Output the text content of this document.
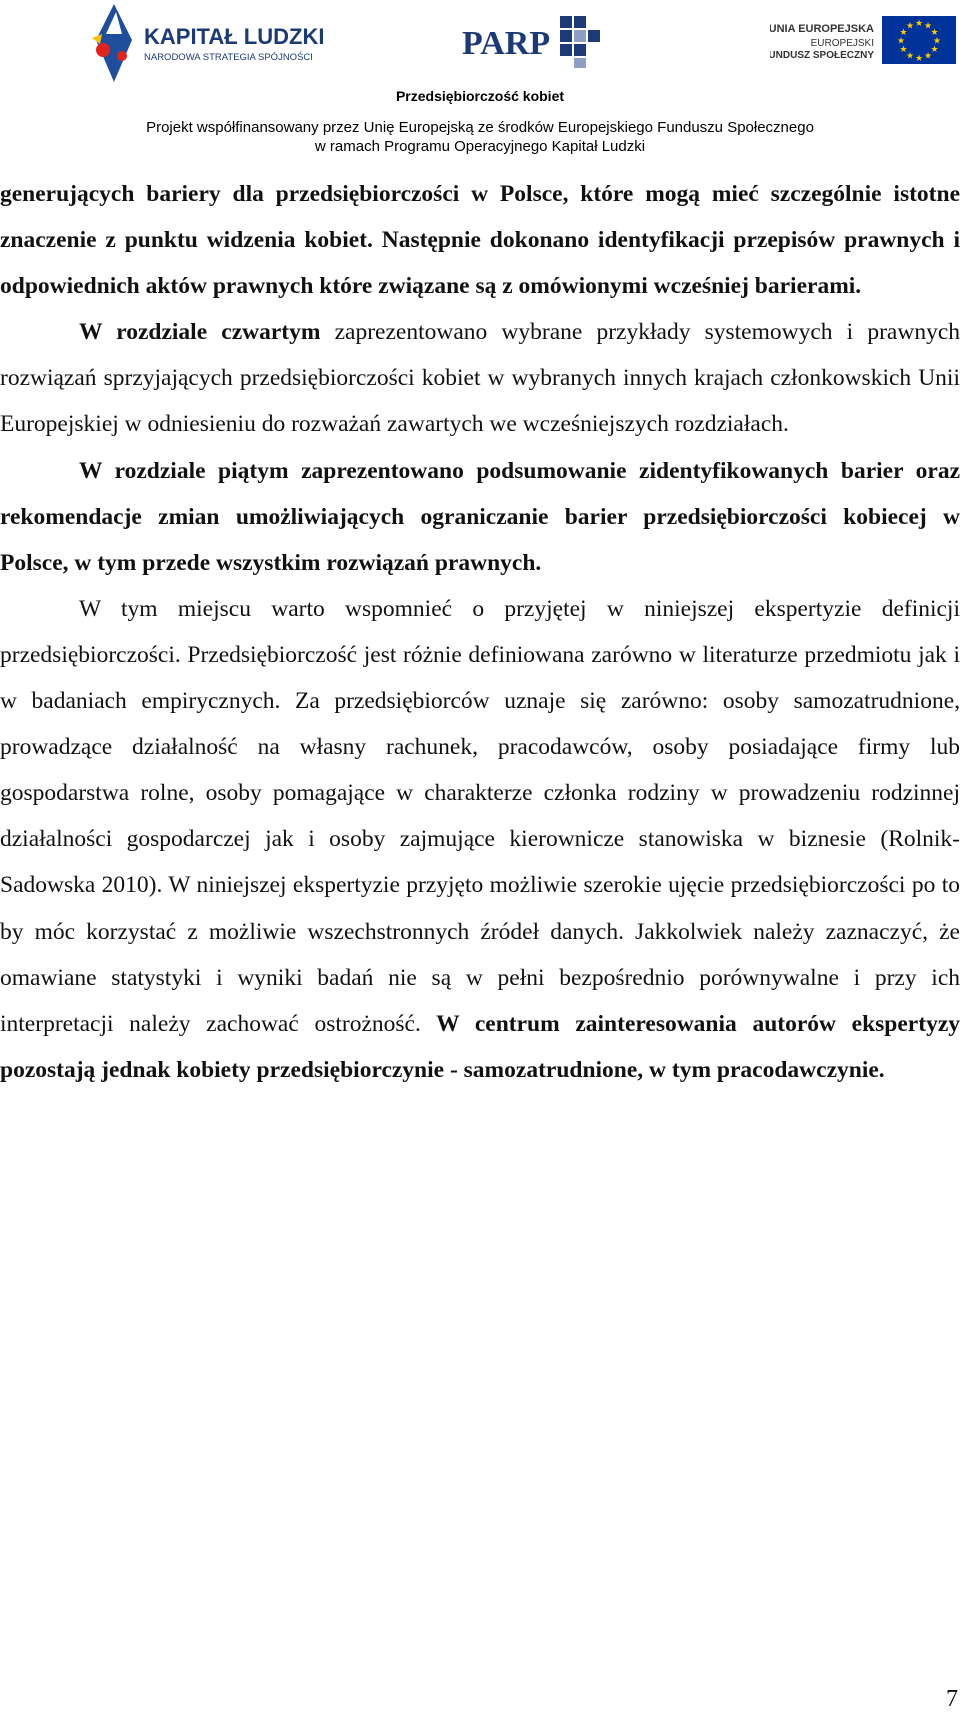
KAPITAŁ LUDZKI
NARODOWA STRATEGIA SPÓJNOŚCI	PARP	UNIA EUROPEJSKA
EUROPEJSKI
FUNDUSZ SPOŁECZNY
★ ★
★
★
★
★
★
★
★
★
★
★
Przedsiębiorczość kobiet
Projekt współfinansowany przez Unię Europejską ze środków Europejskiego Funduszu Społecznego
w ramach Programu Operacyjnego Kapitał Ludzki

generujących bariery dla przedsiębiorczości w Polsce, które mogą mieć szczególnie istotne znaczenie z punktu widzenia kobiet. Następnie dokonano identyfikacji przepisów prawnych i odpowiednich aktów prawnych które związane są z omówionymi wcześniej barierami.

W rozdziale czwartym zaprezentowano wybrane przykłady systemowych i prawnych rozwiązań sprzyjających przedsiębiorczości kobiet w wybranych innych krajach członkowskich Unii Europejskiej w odniesieniu do rozważań zawartych we wcześniejszych rozdziałach.

W rozdziale piątym zaprezentowano podsumowanie zidentyfikowanych barier oraz rekomendacje zmian umożliwiających ograniczanie barier przedsiębiorczości kobiecej w Polsce, w tym przede wszystkim rozwiązań prawnych.

W tym miejscu warto wspomnieć o przyjętej w niniejszej ekspertyzie definicji przedsiębiorczości. Przedsiębiorczość jest różnie definiowana zarówno w literaturze przedmiotu jak i w badaniach empirycznych. Za przedsiębiorców uznaje się zarówno: osoby samozatrudnione, prowadzące działalność na własny rachunek, pracodawców, osoby posiadające firmy lub gospodarstwa rolne, osoby pomagające w charakterze członka rodziny w prowadzeniu rodzinnej działalności gospodarczej jak i osoby zajmujące kierownicze stanowiska w biznesie (Rolnik-Sadowska 2010). W niniejszej ekspertyzie przyjęto możliwie szerokie ujęcie przedsiębiorczości po to by móc korzystać z możliwie wszechstronnych źródeł danych. Jakkolwiek należy zaznaczyć, że omawiane statystyki i wyniki badań nie są w pełni bezpośrednio porównywalne i przy ich interpretacji należy zachować ostrożność. W centrum zainteresowania autorów ekspertyzy pozostają jednak kobiety przedsiębiorczynie - samozatrudnione, w tym pracodawczynie.

7
